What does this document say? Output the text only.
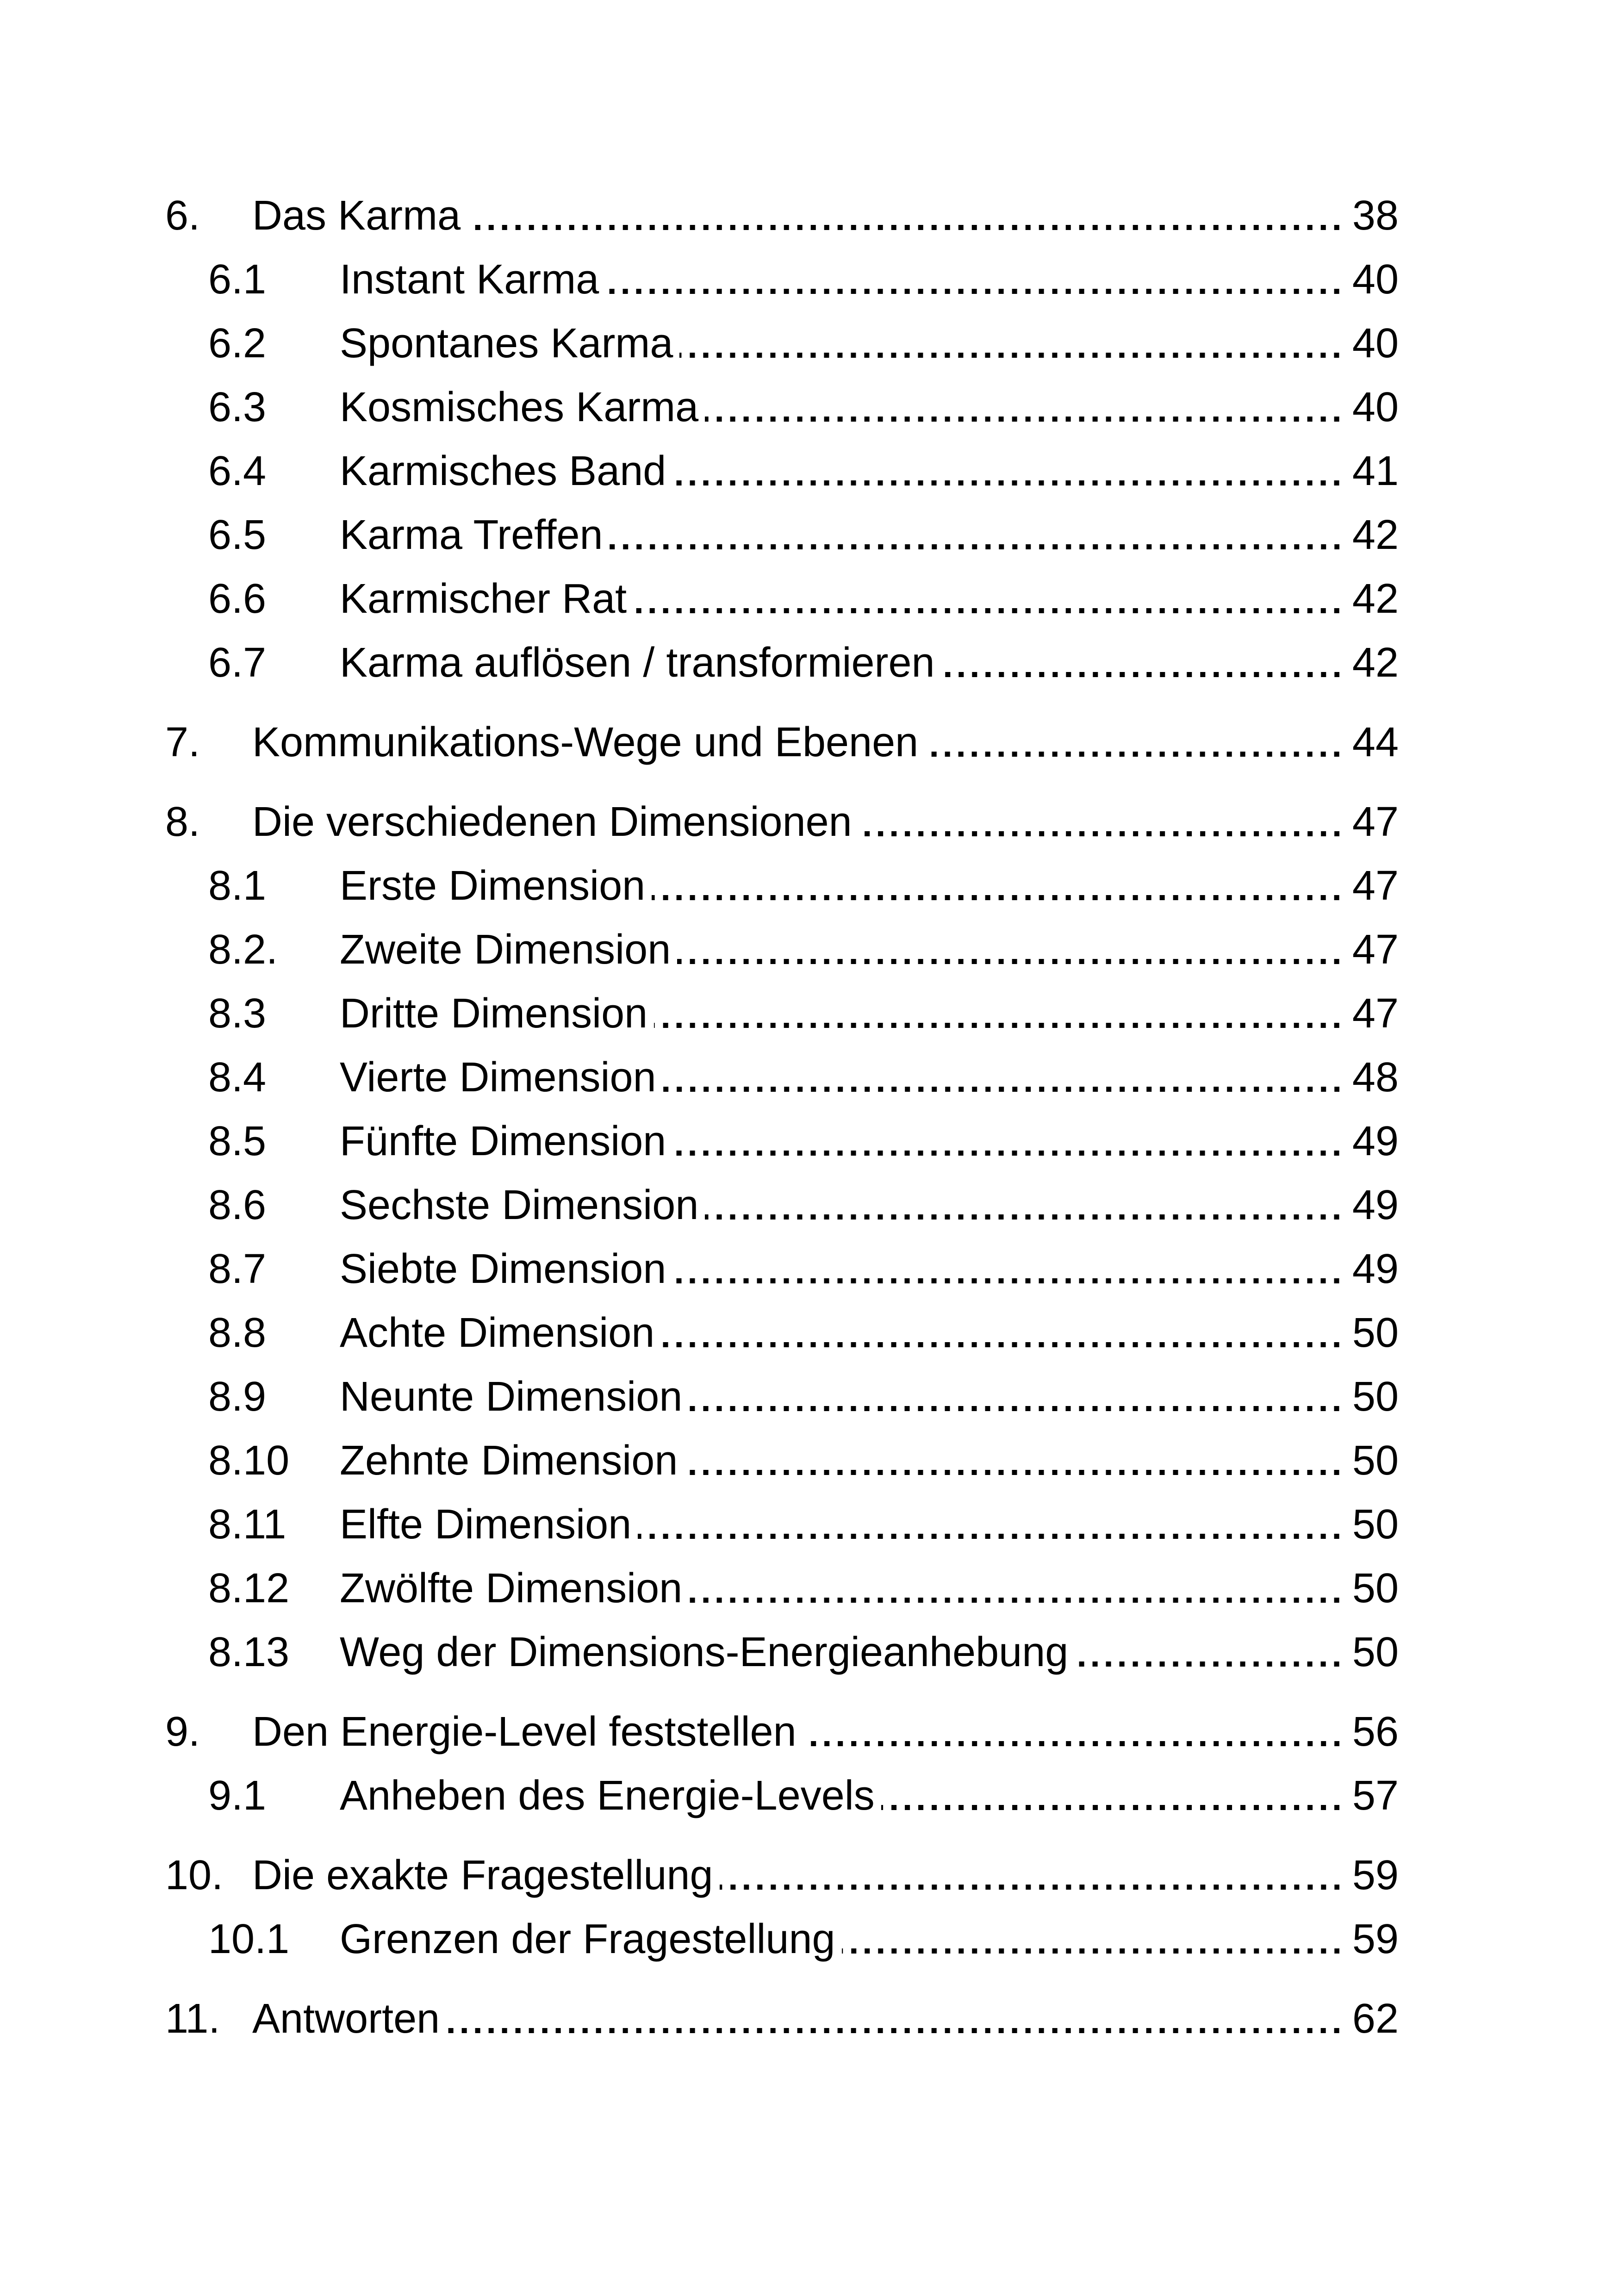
6.	Das Karma	38
6.1	Instant Karma	40
6.2	Spontanes Karma	40
6.3	Kosmisches Karma	40
6.4	Karmisches Band	41
6.5	Karma Treffen	42
6.6	Karmischer Rat	42
6.7	Karma auflösen / transformieren	42
7.	Kommunikations-Wege und Ebenen	44
8.	Die verschiedenen Dimensionen	47
8.1	Erste Dimension	47
8.2.	Zweite Dimension	47
8.3	Dritte Dimension	47
8.4	Vierte Dimension	48
8.5	Fünfte Dimension	49
8.6	Sechste Dimension	49
8.7	Siebte Dimension	49
8.8	Achte Dimension	50
8.9	Neunte Dimension	50
8.10	Zehnte Dimension	50
8.11	Elfte Dimension	50
8.12	Zwölfte Dimension	50
8.13	Weg der Dimensions-Energieanhebung	50
9.	Den Energie-Level feststellen	56
9.1	Anheben des Energie-Levels	57
10. Die exakte Fragestellung	59
10.1	Grenzen der Fragestellung	59
11. Antworten	62
